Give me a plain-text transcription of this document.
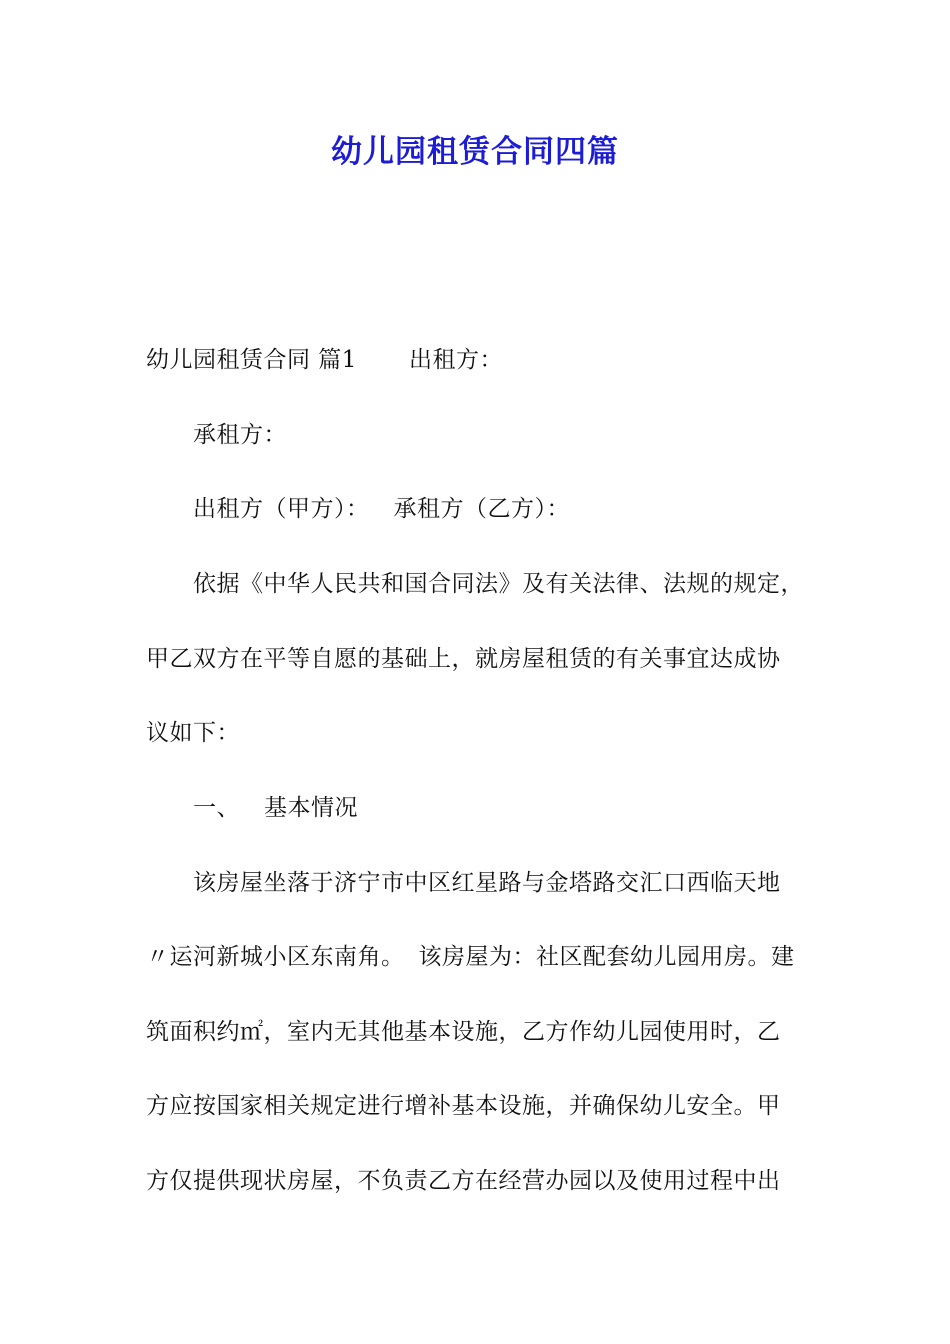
幼儿园租赁合同四篇
幼儿园租赁合同 篇1 出租方：
承租方：
出租方（甲方）： 承租方（乙方）：
依据《中华人民共和国合同法》及有关法律、法规的规定，
甲乙双方在平等自愿的基础上，就房屋租赁的有关事宜达成协
议如下：
一、 基本情况
该房屋坐落于济宁市中区红星路与金塔路交汇口西临天地
〃运河新城小区东南角。 该房屋为：社区配套幼儿园用房。建
筑面积约㎡，室内无其他基本设施，乙方作幼儿园使用时，乙
方应按国家相关规定进行增补基本设施，并确保幼儿安全。甲
方仅提供现状房屋，不负责乙方在经营办园以及使用过程中出
